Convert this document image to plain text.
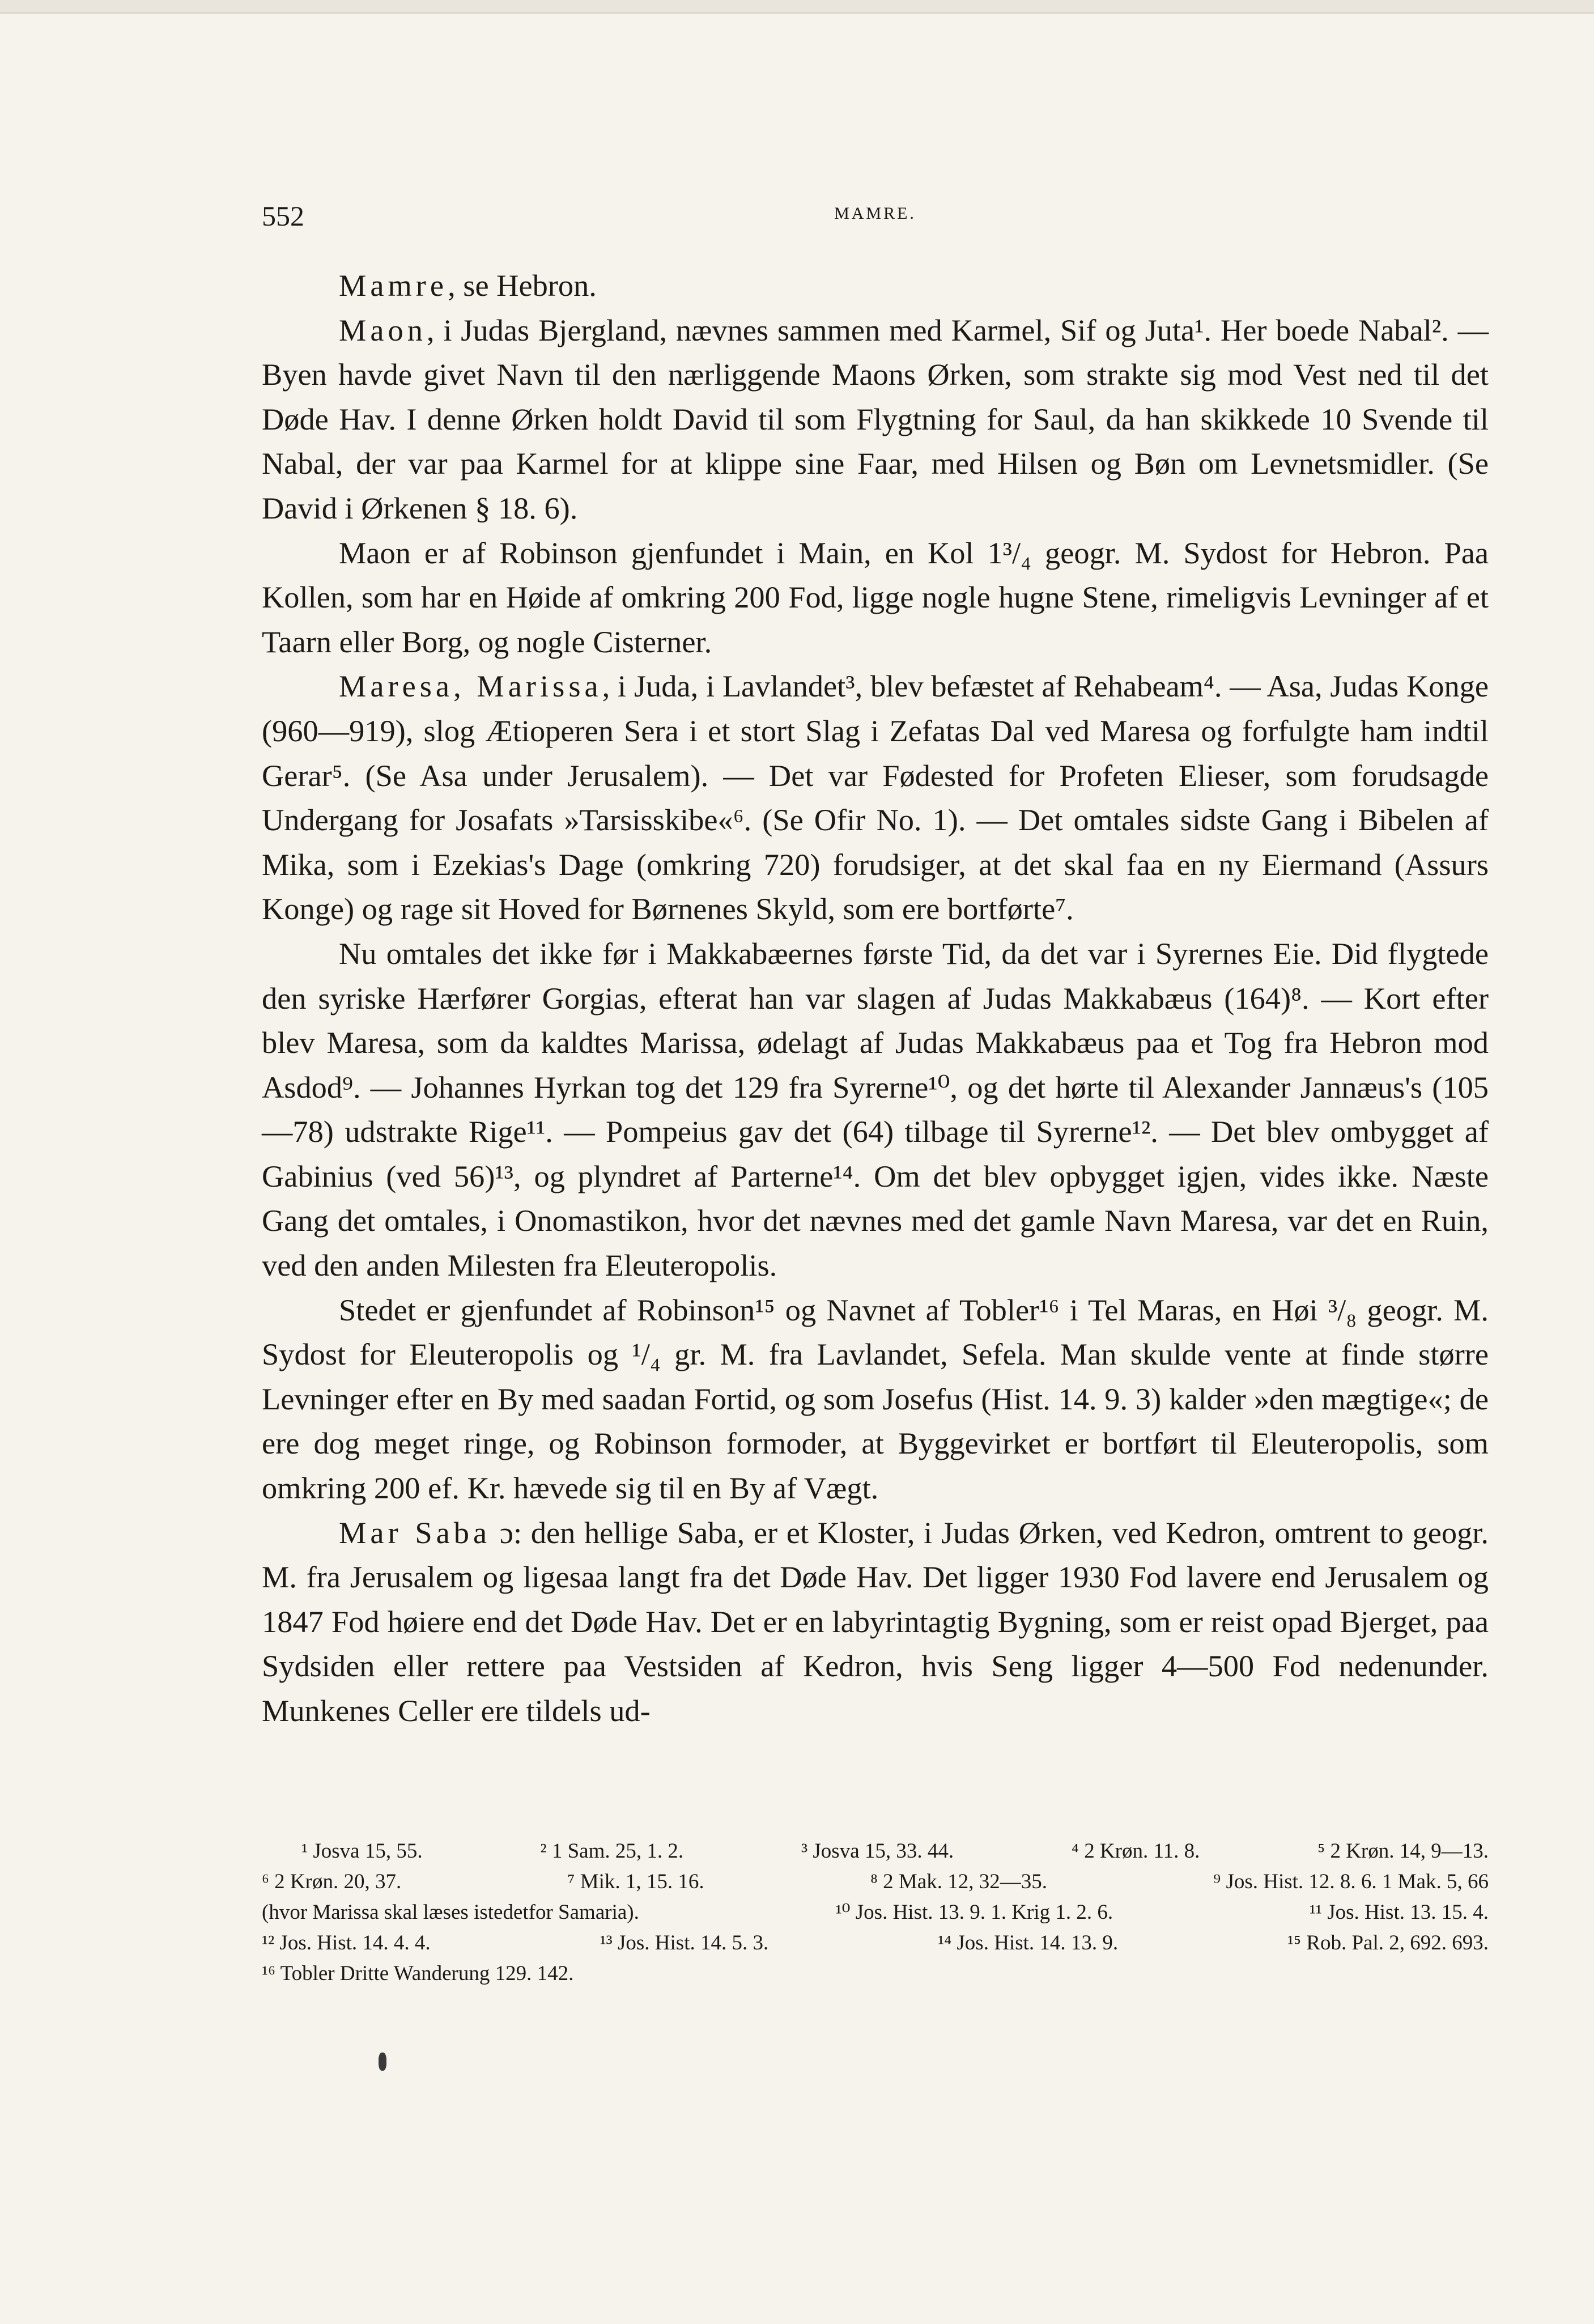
552	MAMRE.

Mamre, se Hebron.

Maon, i Judas Bjergland, nævnes sammen med Karmel, Sif og Juta¹. Her boede Nabal². — Byen havde givet Navn til den nærliggende Maons Ørken, som strakte sig mod Vest ned til det Døde Hav. I denne Ørken holdt David til som Flygtning for Saul, da han skikkede 10 Svende til Nabal, der var paa Karmel for at klippe sine Faar, med Hilsen og Bøn om Levnetsmidler. (Se David i Ørkenen § 18. 6).

Maon er af Robinson gjenfundet i Main, en Kol 1³/₄ geogr. M. Sydost for Hebron. Paa Kollen, som har en Høide af omkring 200 Fod, ligge nogle hugne Stene, rimeligvis Levninger af et Taarn eller Borg, og nogle Cisterner.

Maresa, Marissa, i Juda, i Lavlandet³, blev befæstet af Rehabeam⁴. — Asa, Judas Konge (960—919), slog Ætioperen Sera i et stort Slag i Zefatas Dal ved Maresa og forfulgte ham indtil Gerar⁵. (Se Asa under Jerusalem). — Det var Fødested for Profeten Elieser, som forudsagde Undergang for Josafats »Tarsisskibe«⁶. (Se Ofir No. 1). — Det omtales sidste Gang i Bibelen af Mika, som i Ezekias's Dage (omkring 720) forudsiger, at det skal faa en ny Eiermand (Assurs Konge) og rage sit Hoved for Børnenes Skyld, som ere bortførte⁷.

Nu omtales det ikke før i Makkabæernes første Tid, da det var i Syrernes Eie. Did flygtede den syriske Hærfører Gorgias, efterat han var slagen af Judas Makkabæus (164)⁸. — Kort efter blev Maresa, som da kaldtes Marissa, ødelagt af Judas Makkabæus paa et Tog fra Hebron mod Asdod⁹. — Johannes Hyrkan tog det 129 fra Syrerne¹⁰, og det hørte til Alexander Jannæus's (105—78) udstrakte Rige¹¹. — Pompeius gav det (64) tilbage til Syrerne¹². — Det blev ombygget af Gabinius (ved 56)¹³, og plyndret af Parterne¹⁴. Om det blev opbygget igjen, vides ikke. Næste Gang det omtales, i Onomastikon, hvor det nævnes med det gamle Navn Maresa, var det en Ruin, ved den anden Milesten fra Eleuteropolis.

Stedet er gjenfundet af Robinson¹⁵ og Navnet af Tobler¹⁶ i Tel Maras, en Høi ³/₈ geogr. M. Sydost for Eleuteropolis og ¹/₄ gr. M. fra Lavlandet, Sefela. Man skulde vente at finde større Levninger efter en By med saadan Fortid, og som Josefus (Hist. 14. 9. 3) kalder »den mægtige«; de ere dog meget ringe, og Robinson formoder, at Byggevirket er bortført til Eleuteropolis, som omkring 200 ef. Kr. hævede sig til en By af Vægt.

Mar Saba ɔ: den hellige Saba, er et Kloster, i Judas Ørken, ved Kedron, omtrent to geogr. M. fra Jerusalem og ligesaa langt fra det Døde Hav. Det ligger 1930 Fod lavere end Jerusalem og 1847 Fod høiere end det Døde Hav. Det er en labyrintagtig Bygning, som er reist opad Bjerget, paa Sydsiden eller rettere paa Vestsiden af Kedron, hvis Seng ligger 4—500 Fod nedenunder. Munkenes Celler ere tildels ud-

¹ Josva 15, 55.	² 1 Sam. 25, 1. 2.	³ Josva 15, 33. 44.	⁴ 2 Krøn. 11. 8.	⁵ 2 Krøn. 14, 9—13.
⁶ 2 Krøn. 20, 37.	⁷ Mik. 1, 15. 16.	⁸ 2 Mak. 12, 32—35.	⁹ Jos. Hist. 12. 8. 6. 1 Mak. 5, 66
(hvor Marissa skal læses istedetfor Samaria).	¹⁰ Jos. Hist. 13. 9. 1. Krig 1. 2. 6.	¹¹ Jos. Hist. 13. 15. 4.
¹² Jos. Hist. 14. 4. 4.	¹³ Jos. Hist. 14. 5. 3.	¹⁴ Jos. Hist. 14. 13. 9.	¹⁵ Rob. Pal. 2, 692. 693.
¹⁶ Tobler Dritte Wanderung 129. 142.
